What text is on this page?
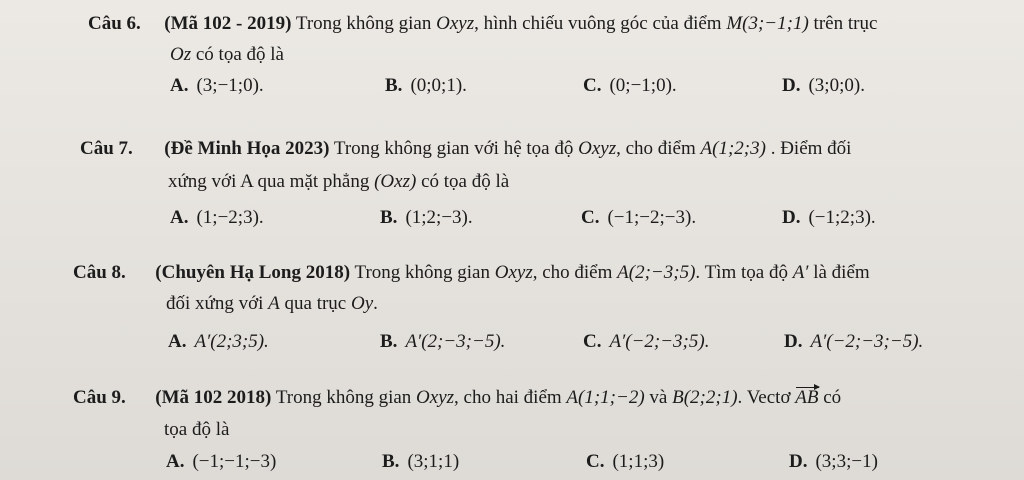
Câu 6. (Mã 102 - 2019) Trong không gian Oxyz, hình chiếu vuông góc của điểm M(3;−1;1) trên trục
Oz có tọa độ là
A. (3;−1;0).	B. (0;0;1).	C. (0;−1;0).	D. (3;0;0).
Câu 7. (Đề Minh Họa 2023) Trong không gian với hệ tọa độ Oxyz, cho điểm A(1;2;3) . Điểm đối
xứng với A qua mặt phẳng (Oxz) có tọa độ là
A. (1;−2;3).	B. (1;2;−3).	C. (−1;−2;−3).	D. (−1;2;3).
Câu 8. (Chuyên Hạ Long 2018) Trong không gian Oxyz, cho điểm A(2;−3;5). Tìm tọa độ A′ là điểm
đối xứng với A qua trục Oy.
A. A′(2;3;5).	B. A′(2;−3;−5).	C. A′(−2;−3;5).	D. A′(−2;−3;−5).
Câu 9. (Mã 102 2018) Trong không gian Oxyz, cho hai điểm A(1;1;−2) và B(2;2;1). Vectơ AB có
tọa độ là
A. (−1;−1;−3)	B. (3;1;1)	C. (1;1;3)	D. (3;3;−1)
